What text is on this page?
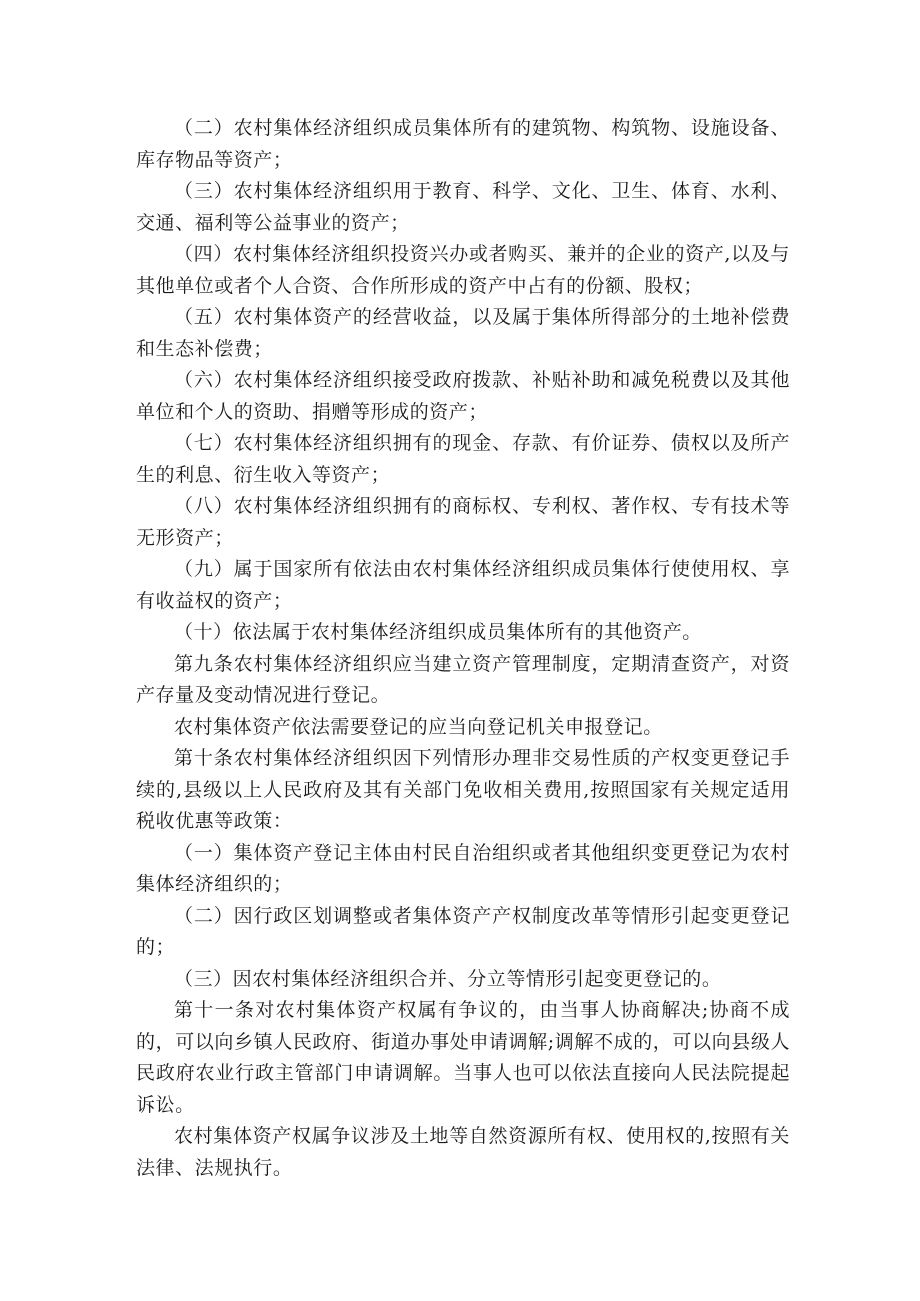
（二）农村集体经济组织成员集体所有的建筑物、构筑物、设施设备、库存物品等资产；

（三）农村集体经济组织用于教育、科学、文化、卫生、体育、水利、交通、福利等公益事业的资产；

（四）农村集体经济组织投资兴办或者购买、兼并的企业的资产,以及与其他单位或者个人合资、合作所形成的资产中占有的份额、股权；

（五）农村集体资产的经营收益，以及属于集体所得部分的土地补偿费和生态补偿费；

（六）农村集体经济组织接受政府拨款、补贴补助和减免税费以及其他单位和个人的资助、捐赠等形成的资产；

（七）农村集体经济组织拥有的现金、存款、有价证券、债权以及所产生的利息、衍生收入等资产；

（八）农村集体经济组织拥有的商标权、专利权、著作权、专有技术等无形资产；

（九）属于国家所有依法由农村集体经济组织成员集体行使使用权、享有收益权的资产；

（十）依法属于农村集体经济组织成员集体所有的其他资产。

第九条农村集体经济组织应当建立资产管理制度，定期清查资产，对资产存量及变动情况进行登记。

农村集体资产依法需要登记的应当向登记机关申报登记。

第十条农村集体经济组织因下列情形办理非交易性质的产权变更登记手续的,县级以上人民政府及其有关部门免收相关费用,按照国家有关规定适用税收优惠等政策：

（一）集体资产登记主体由村民自治组织或者其他组织变更登记为农村集体经济组织的；

（二）因行政区划调整或者集体资产产权制度改革等情形引起变更登记的；

（三）因农村集体经济组织合并、分立等情形引起变更登记的。

第十一条对农村集体资产权属有争议的，由当事人协商解决;协商不成的，可以向乡镇人民政府、街道办事处申请调解;调解不成的，可以向县级人民政府农业行政主管部门申请调解。当事人也可以依法直接向人民法院提起诉讼。

农村集体资产权属争议涉及土地等自然资源所有权、使用权的,按照有关法律、法规执行。
